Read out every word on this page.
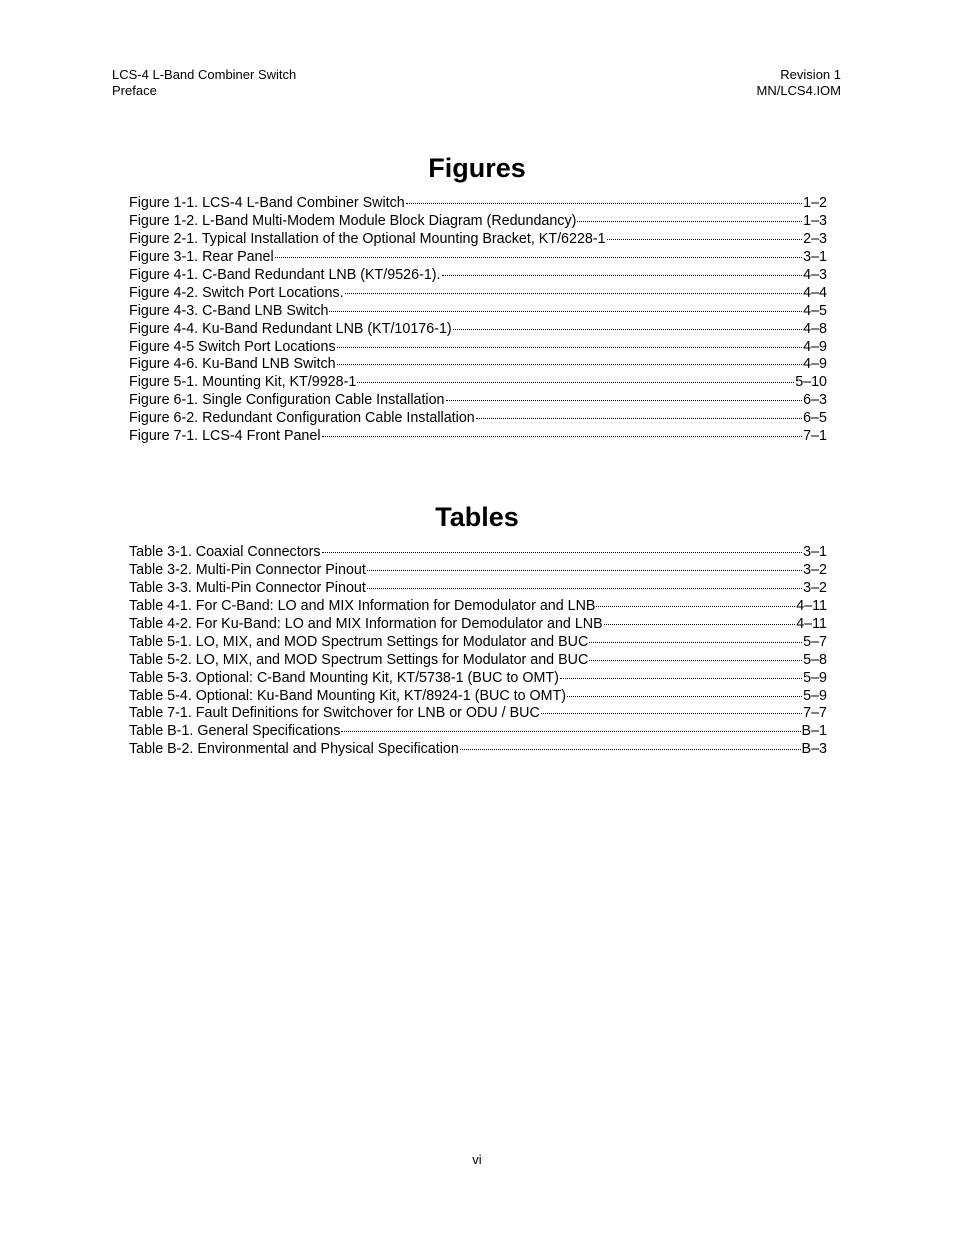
LCS-4 L-Band Combiner Switch
Preface
Revision 1
MN/LCS4.IOM
Figures
Figure 1-1. LCS-4 L-Band Combiner Switch	1–2
Figure 1-2. L-Band Multi-Modem Module Block Diagram (Redundancy)	1–3
Figure 2-1. Typical Installation of the Optional Mounting Bracket, KT/6228-1	2–3
Figure 3-1. Rear Panel	3–1
Figure 4-1. C-Band Redundant LNB (KT/9526-1).	4–3
Figure 4-2. Switch Port Locations.	4–4
Figure 4-3. C-Band LNB Switch	4–5
Figure 4-4. Ku-Band Redundant LNB (KT/10176-1)	4–8
Figure 4-5 Switch Port Locations	4–9
Figure 4-6. Ku-Band LNB Switch	4–9
Figure 5-1. Mounting Kit, KT/9928-1	5–10
Figure 6-1. Single Configuration Cable Installation	6–3
Figure 6-2. Redundant Configuration Cable Installation	6–5
Figure 7-1. LCS-4 Front Panel	7–1
Tables
Table 3-1. Coaxial Connectors	3–1
Table 3-2. Multi-Pin Connector Pinout	3–2
Table 3-3. Multi-Pin Connector Pinout	3–2
Table 4-1. For C-Band: LO and MIX Information for Demodulator and LNB	4–11
Table 4-2. For Ku-Band: LO and MIX Information for Demodulator and LNB	4–11
Table 5-1. LO, MIX, and MOD Spectrum Settings for Modulator and BUC	5–7
Table 5-2. LO, MIX, and MOD Spectrum Settings for Modulator and BUC	5–8
Table 5-3. Optional: C-Band Mounting Kit, KT/5738-1 (BUC to OMT)	5–9
Table 5-4. Optional: Ku-Band Mounting Kit, KT/8924-1 (BUC to OMT)	5–9
Table 7-1. Fault Definitions for Switchover for LNB or ODU / BUC	7–7
Table B-1. General Specifications	B–1
Table B-2. Environmental and Physical Specification	B–3
vi
